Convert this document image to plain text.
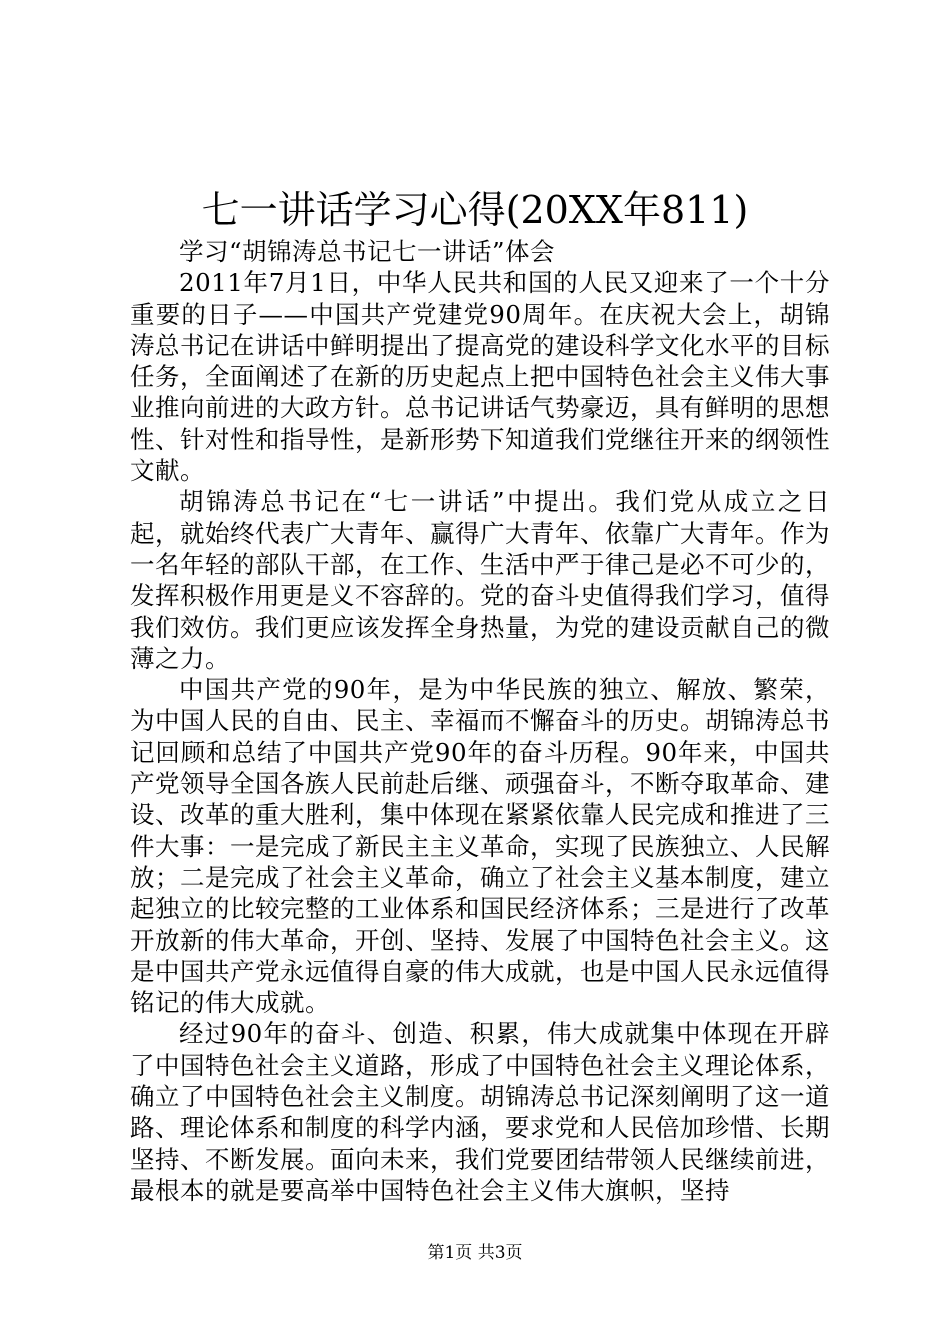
七一讲话学习心得(20XX年811)

学习“胡锦涛总书记七一讲话”体会

2011年7月1日，中华人民共和国的人民又迎来了一个十分重要的日子——中国共产党建党90周年。在庆祝大会上，胡锦涛总书记在讲话中鲜明提出了提高党的建设科学文化水平的目标任务，全面阐述了在新的历史起点上把中国特色社会主义伟大事业推向前进的大政方针。总书记讲话气势豪迈，具有鲜明的思想性、针对性和指导性，是新形势下知道我们党继往开来的纲领性文献。

胡锦涛总书记在“七一讲话”中提出。我们党从成立之日起，就始终代表广大青年、赢得广大青年、依靠广大青年。作为一名年轻的部队干部，在工作、生活中严于律己是必不可少的，发挥积极作用更是义不容辞的。党的奋斗史值得我们学习，值得我们效仿。我们更应该发挥全身热量，为党的建设贡献自己的微薄之力。

中国共产党的90年，是为中华民族的独立、解放、繁荣，为中国人民的自由、民主、幸福而不懈奋斗的历史。胡锦涛总书记回顾和总结了中国共产党90年的奋斗历程。90年来，中国共产党领导全国各族人民前赴后继、顽强奋斗，不断夺取革命、建设、改革的重大胜利，集中体现在紧紧依靠人民完成和推进了三件大事：一是完成了新民主主义革命，实现了民族独立、人民解放；二是完成了社会主义革命，确立了社会主义基本制度，建立起独立的比较完整的工业体系和国民经济体系；三是进行了改革开放新的伟大革命，开创、坚持、发展了中国特色社会主义。这是中国共产党永远值得自豪的伟大成就，也是中国人民永远值得铭记的伟大成就。

经过90年的奋斗、创造、积累，伟大成就集中体现在开辟了中国特色社会主义道路，形成了中国特色社会主义理论体系，确立了中国特色社会主义制度。胡锦涛总书记深刻阐明了这一道路、理论体系和制度的科学内涵，要求党和人民倍加珍惜、长期坚持、不断发展。面向未来，我们党要团结带领人民继续前进，最根本的就是要高举中国特色社会主义伟大旗帜，坚持

第1页 共3页
